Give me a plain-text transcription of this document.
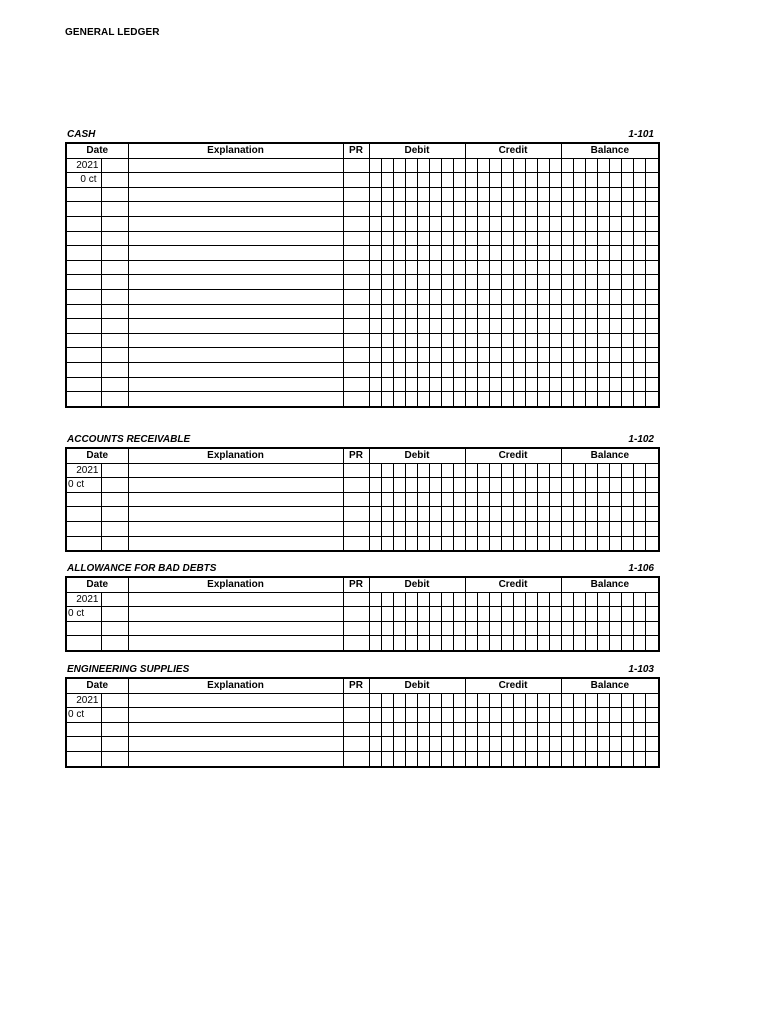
GENERAL LEDGER
CASH	1-101
Date		Explanation	PR	Debit								Credit								Balance							
2021																											
0 ct																											

ACCOUNTS RECEIVABLE	1-102
Date		Explanation	PR	Debit								Credit								Balance							
2021																											
0 ct																											

ALLOWANCE FOR BAD DEBTS	1-106
Date		Explanation	PR	Debit								Credit								Balance							
2021																											
0 ct																											

ENGINEERING SUPPLIES	1-103
Date		Explanation	PR	Debit								Credit								Balance							
2021																											
0 ct																											
